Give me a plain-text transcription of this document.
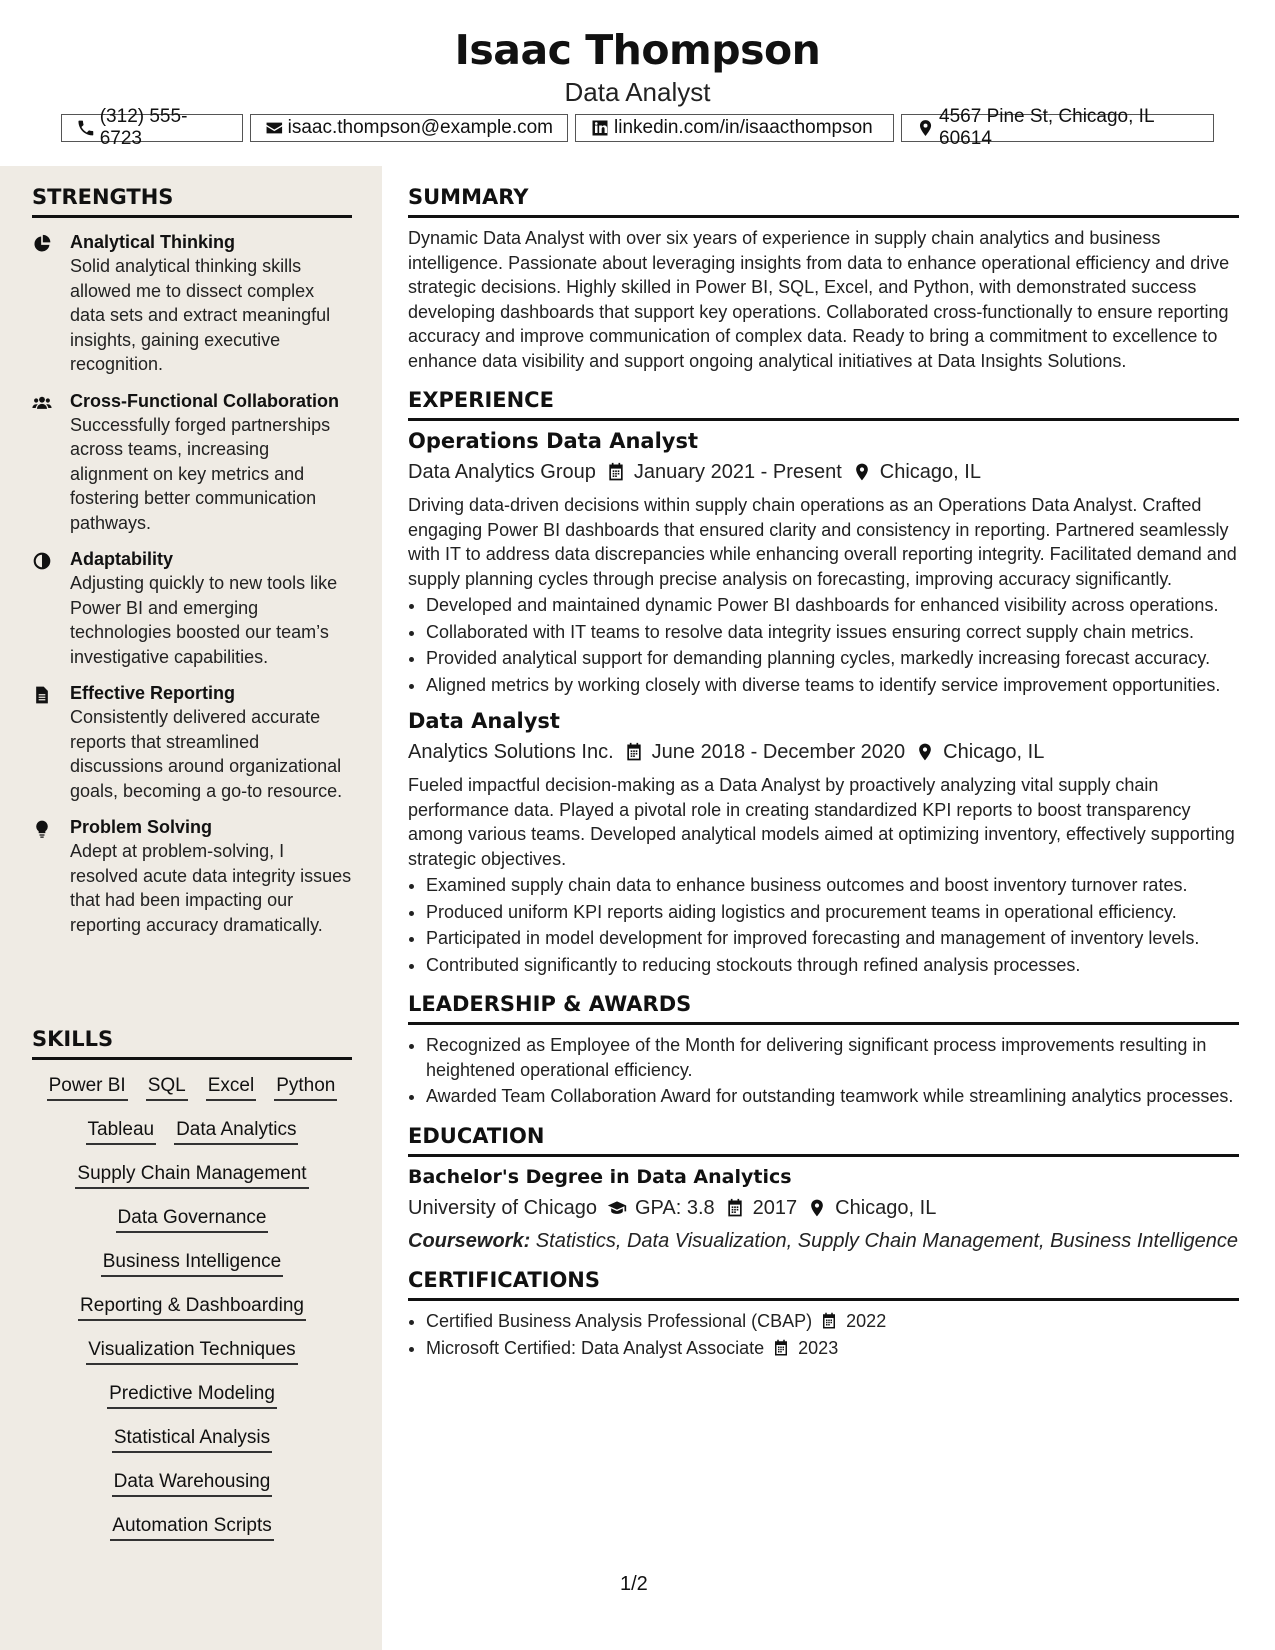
Isaac Thompson
Data Analyst
(312) 555-6723
isaac.thompson@example.com	linkedin.com/in/isaacthompson
4567 Pine St, Chicago, IL 60614
STRENGTHS
Analytical Thinking
Solid analytical thinking skills allowed me to dissect complex data sets and extract meaningful insights, gaining executive recognition.
Cross-Functional Collaboration
Successfully forged partnerships across teams, increasing alignment on key metrics and fostering better communication pathways.
Adaptability
Adjusting quickly to new tools like Power BI and emerging technologies boosted our team’s investigative capabilities.
Effective Reporting
Consistently delivered accurate reports that streamlined discussions around organizational goals, becoming a go-to resource.
Problem Solving
Adept at problem-solving, I resolved acute data integrity issues that had been impacting our reporting accuracy dramatically.
SKILLS
Power BI SQL Excel Python
Tableau Data Analytics
Supply Chain Management
Data Governance
Business Intelligence
Reporting & Dashboarding
Visualization Techniques
Predictive Modeling
Statistical Analysis
Data Warehousing
Automation Scripts
SUMMARY

Dynamic Data Analyst with over six years of experience in supply chain analytics and business intelligence. Passionate about leveraging insights from data to enhance operational efficiency and drive strategic decisions. Highly skilled in Power BI, SQL, Excel, and Python, with demonstrated success developing dashboards that support key operations. Collaborated cross-functionally to ensure reporting accuracy and improve communication of complex data. Ready to bring a commitment to excellence to enhance data visibility and support ongoing analytical initiatives at Data Insights Solutions.

EXPERIENCE
Operations Data Analyst
Data Analytics Group January 2021 - Present Chicago, IL

Driving data-driven decisions within supply chain operations as an Operations Data Analyst. Crafted engaging Power BI dashboards that ensured clarity and consistency in reporting. Partnered seamlessly with IT to address data discrepancies while enhancing overall reporting integrity. Facilitated demand and supply planning cycles through precise analysis on forecasting, improving accuracy significantly.

• Developed and maintained dynamic Power BI dashboards for enhanced visibility across operations.
• Collaborated with IT teams to resolve data integrity issues ensuring correct supply chain metrics.
• Provided analytical support for demanding planning cycles, markedly increasing forecast accuracy.
• Aligned metrics by working closely with diverse teams to identify service improvement opportunities.
Data Analyst
Analytics Solutions Inc. June 2018 - December 2020 Chicago, IL

Fueled impactful decision-making as a Data Analyst by proactively analyzing vital supply chain performance data. Played a pivotal role in creating standardized KPI reports to boost transparency among various teams. Developed analytical models aimed at optimizing inventory, effectively supporting strategic objectives.

• Examined supply chain data to enhance business outcomes and boost inventory turnover rates.
• Produced uniform KPI reports aiding logistics and procurement teams in operational efficiency.
• Participated in model development for improved forecasting and management of inventory levels.
• Contributed significantly to reducing stockouts through refined analysis processes.
LEADERSHIP & AWARDS
• Recognized as Employee of the Month for delivering significant process improvements resulting in heightened operational efficiency.
• Awarded Team Collaboration Award for outstanding teamwork while streamlining analytics processes.
EDUCATION
Bachelor's Degree in Data Analytics
University of Chicago GPA: 3.8 2017 Chicago, IL
Coursework: Statistics, Data Visualization, Supply Chain Management, Business Intelligence
CERTIFICATIONS
• Certified Business Analysis Professional (CBAP) 2022
• Microsoft Certified: Data Analyst Associate 2023
1/2
